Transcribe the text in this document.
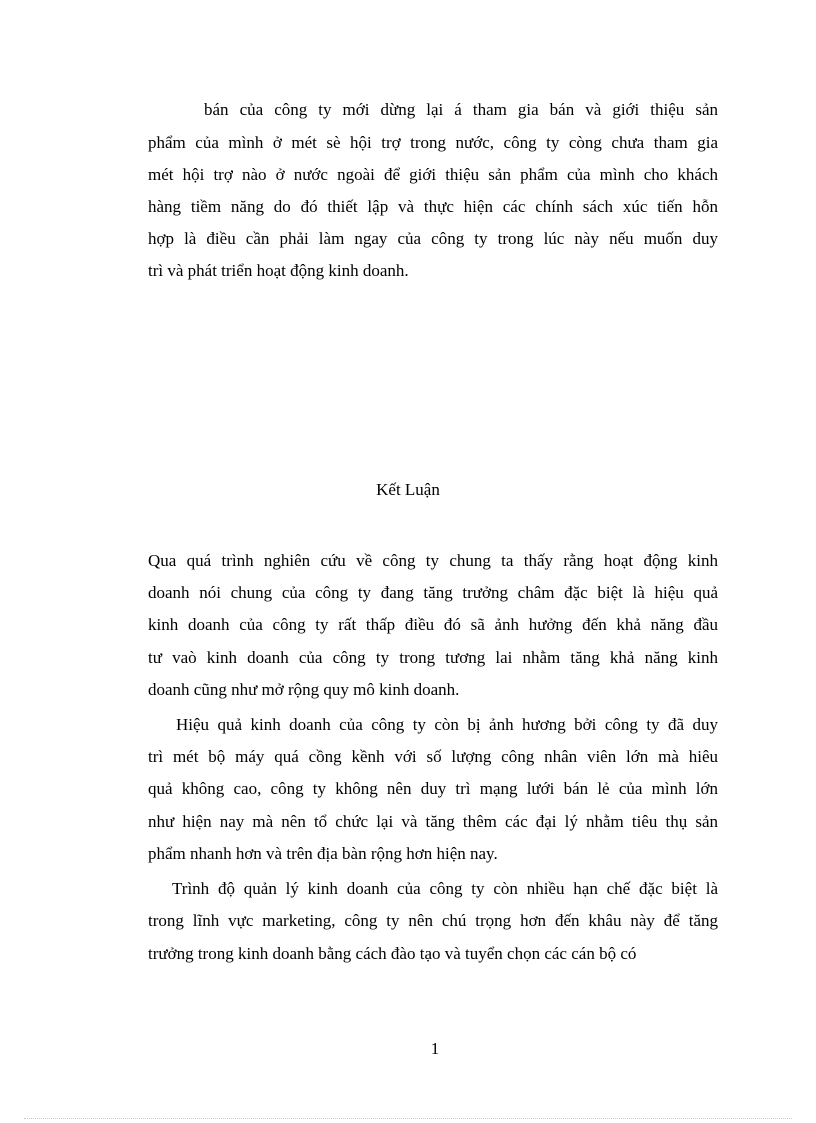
bán của công ty mới dừng lại á tham gia bán và giới thiệu sản
phẩm của mình ở mét sè hội trợ trong nước, công ty còng chưa tham gia
mét hội trợ nào ở nước ngoài để giới thiệu sản phẩm của mình cho khách
hàng tiềm năng do đó thiết lập và thực hiện các chính sách xúc tiến hỗn
hợp là điều cần phải làm ngay của công ty trong lúc này nếu muốn duy
trì và phát triển hoạt động kinh doanh.
Kết Luận
Qua quá trình nghiên cứu về công ty chung ta thấy rằng hoạt động kinh
doanh nói chung của công ty đang tăng trưởng châm đặc biệt là hiệu quả
kinh doanh của công ty rất thấp điều đó sã ảnh hưởng đến khả năng đầu
tư vaò kinh doanh của công ty trong tương lai nhằm tăng khả năng kinh
doanh cũng như mở rộng quy mô kinh doanh.
Hiệu quả kinh doanh của công ty còn bị ảnh hương bởi công ty đã duy
trì mét bộ máy quá cồng kềnh với số lượng công nhân viên lớn mà hiêu
quả không cao, công ty không nên duy trì mạng lưới bán lẻ của mình lớn
như hiện nay mà nên tổ chức lại và tăng thêm các đại lý nhằm tiêu thụ sản
phẩm nhanh hơn và trên địa bàn rộng hơn hiện nay.
Trình độ quản lý kinh doanh của công ty còn nhiều hạn chế đặc biệt là
trong lĩnh vực marketing, công ty nên chú trọng hơn đến khâu này để tăng
trưởng trong kinh doanh bằng cách đào tạo và tuyển chọn các cán bộ có
1
